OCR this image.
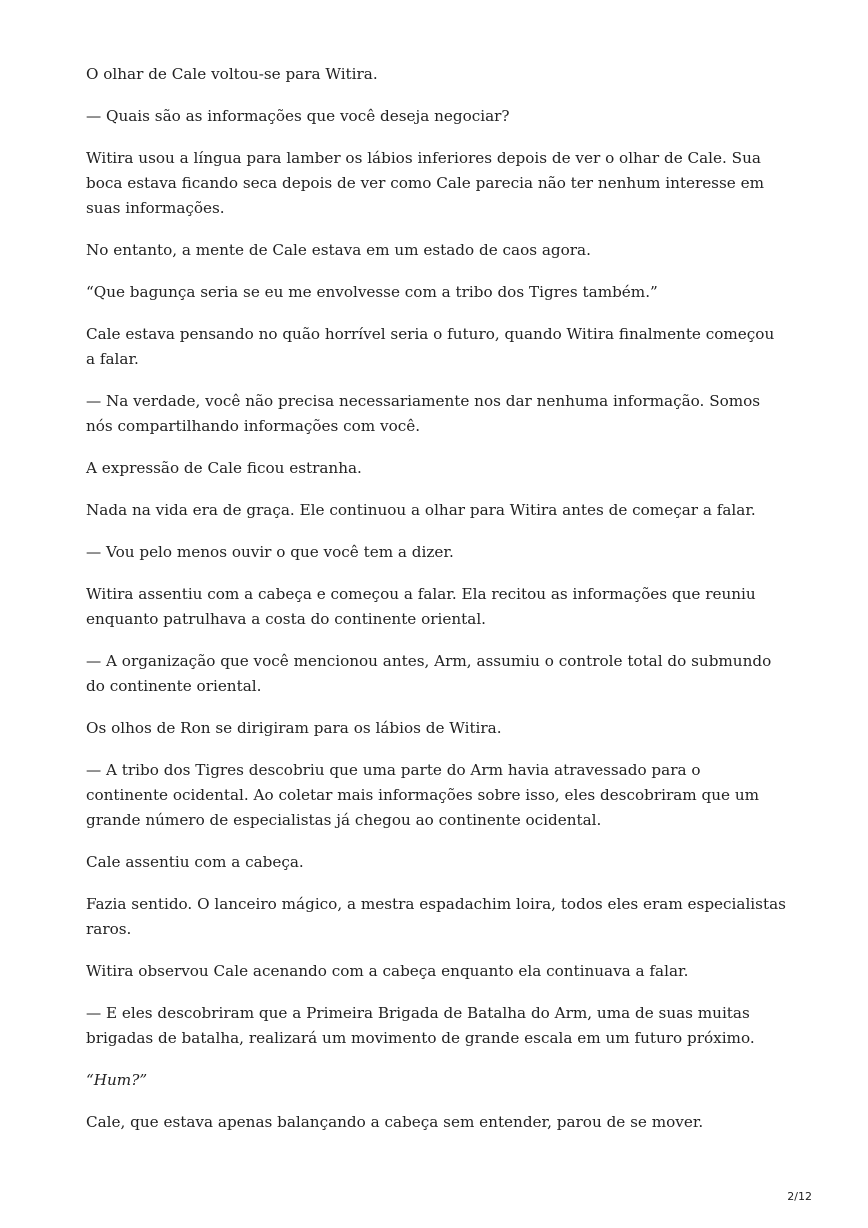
O olhar de Cale voltou-se para Witira.

— Quais são as informações que você deseja negociar?

Witira usou a língua para lamber os lábios inferiores depois de ver o olhar de Cale. Sua boca estava ficando seca depois de ver como Cale parecia não ter nenhum interesse em suas informações.

No entanto, a mente de Cale estava em um estado de caos agora.

“Que bagunça seria se eu me envolvesse com a tribo dos Tigres também.”

Cale estava pensando no quão horrível seria o futuro, quando Witira finalmente começou a falar.

— Na verdade, você não precisa necessariamente nos dar nenhuma informação. Somos nós compartilhando informações com você.

A expressão de Cale ficou estranha.

Nada na vida era de graça. Ele continuou a olhar para Witira antes de começar a falar.

— Vou pelo menos ouvir o que você tem a dizer.

Witira assentiu com a cabeça e começou a falar. Ela recitou as informações que reuniu enquanto patrulhava a costa do continente oriental.

— A organização que você mencionou antes, Arm, assumiu o controle total do submundo do continente oriental.

Os olhos de Ron se dirigiram para os lábios de Witira.

— A tribo dos Tigres descobriu que uma parte do Arm havia atravessado para o continente ocidental. Ao coletar mais informações sobre isso, eles descobriram que um grande número de especialistas já chegou ao continente ocidental.

Cale assentiu com a cabeça.

Fazia sentido. O lanceiro mágico, a mestra espadachim loira, todos eles eram especialistas raros.

Witira observou Cale acenando com a cabeça enquanto ela continuava a falar.

— E eles descobriram que a Primeira Brigada de Batalha do Arm, uma de suas muitas brigadas de batalha, realizará um movimento de grande escala em um futuro próximo.

“Hum?”

Cale, que estava apenas balançando a cabeça sem entender, parou de se mover.

2/12
